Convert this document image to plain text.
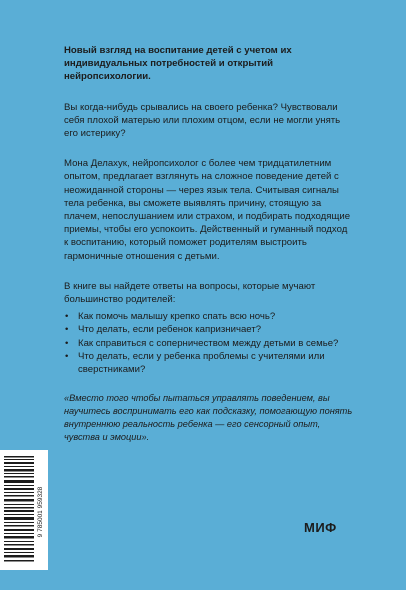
Новый взгляд на воспитание детей с учетом их индивидуальных потребностей и открытий нейропсихологии.

Вы когда-нибудь срывались на своего ребенка? Чувствовали себя плохой матерью или плохим отцом, если не могли унять его истерику?

Мона Делахук, нейропсихолог с более чем тридцатилетним опытом, предлагает взглянуть на сложное поведение детей с неожиданной стороны — через язык тела. Считывая сигналы тела ребенка, вы сможете выявлять причину, стоящую за плачем, непослушанием или страхом, и подбирать подходящие приемы, чтобы его успокоить. Действенный и гуманный подход к воспитанию, который поможет родителям выстроить гармоничные отношения с детьми.

В книге вы найдете ответы на вопросы, которые мучают большинство родителей:

• Как помочь малышу крепко спать всю ночь?
• Что делать, если ребенок капризничает?
• Как справиться с соперничеством между детьми в семье?
• Что делать, если у ребенка проблемы с учителями или сверстниками?

«Вместо того чтобы пытаться управлять поведением, вы научитесь воспринимать его как подсказку, помогающую понять внутреннюю реальность ребенка — его сенсорный опыт, чувства и эмоции».

9 785001 959328	МИФ
